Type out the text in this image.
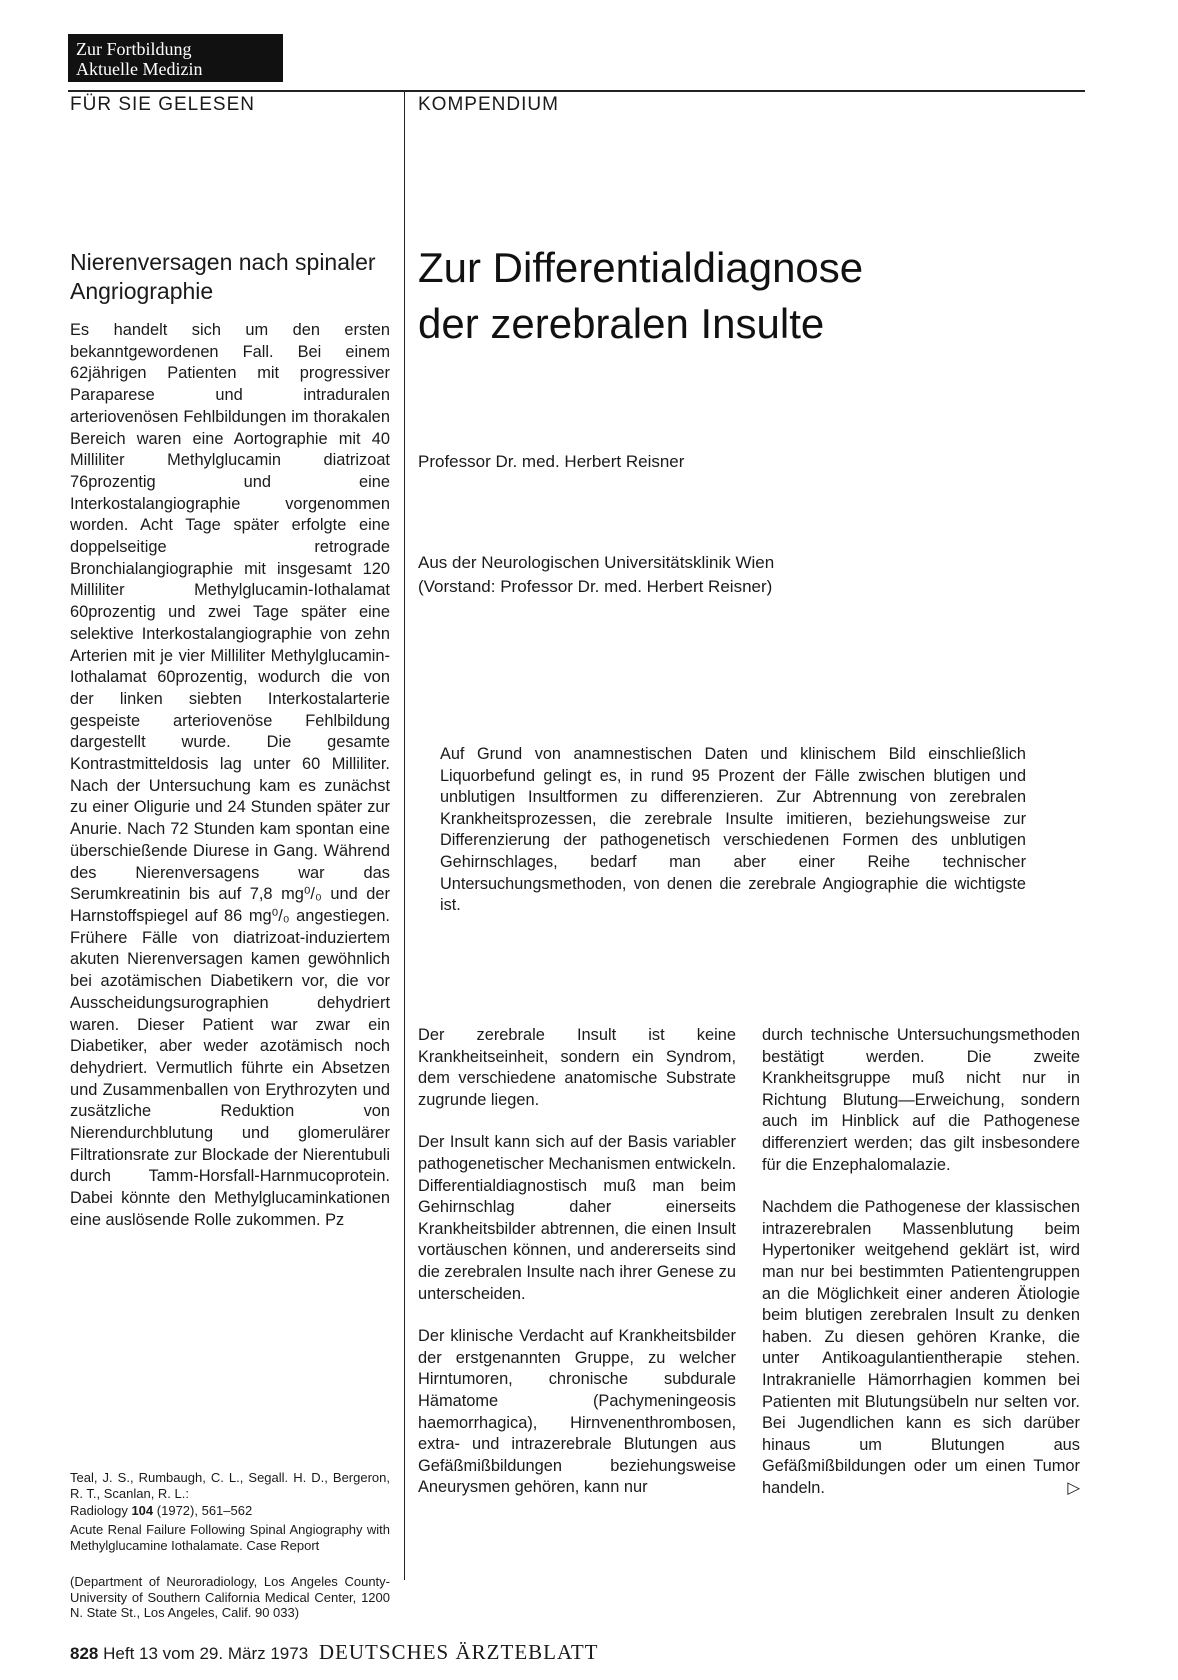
Zur Fortbildung
Aktuelle Medizin
FÜR SIE GELESEN	KOMPENDIUM
Nierenversagen nach spinaler Angriographie
Es handelt sich um den ersten bekanntgewordenen Fall. Bei einem 62jährigen Patienten mit progressiver Paraparese und intraduralen arteriovenösen Fehlbildungen im thorakalen Bereich waren eine Aortographie mit 40 Milliliter Methylglucamin diatrizoat 76prozentig und eine Interkostalangiographie vorgenommen worden. Acht Tage später erfolgte eine doppelseitige retrograde Bronchialangiographie mit insgesamt 120 Milliliter Methylglucamin-Iothalamat 60prozentig und zwei Tage später eine selektive Interkostalangiographie von zehn Arterien mit je vier Milliliter Methylglucamin-Iothalamat 60prozentig, wodurch die von der linken siebten Interkostalarterie gespeiste arteriovenöse Fehlbildung dargestellt wurde. Die gesamte Kontrastmitteldosis lag unter 60 Milliliter. Nach der Untersuchung kam es zunächst zu einer Oligurie und 24 Stunden später zur Anurie. Nach 72 Stunden kam spontan eine überschießende Diurese in Gang. Während des Nierenversagens war das Serumkreatinin bis auf 7,8 mg⁰/₀ und der Harnstoffspiegel auf 86 mg⁰/₀ angestiegen. Frühere Fälle von diatrizoat-induziertem akuten Nierenversagen kamen gewöhnlich bei azotämischen Diabetikern vor, die vor Ausscheidungsurographien dehydriert waren. Dieser Patient war zwar ein Diabetiker, aber weder azotämisch noch dehydriert. Vermutlich führte ein Absetzen und Zusammenballen von Erythrozyten und zusätzliche Reduktion von Nierendurchblutung und glomerulärer Filtrationsrate zur Blockade der Nierentubuli durch Tamm-Horsfall-Harnmucoprotein. Dabei könnte den Methylglucaminkationen eine auslösende Rolle zukommen. Pz
Teal, J. S., Rumbaugh, C. L., Segall. H. D., Bergeron, R. T., Scanlan, R. L.:
Radiology 104 (1972), 561–562
Acute Renal Failure Following Spinal Angiography with Methylglucamine Iothalamate. Case Report
(Department of Neuroradiology, Los Angeles County-University of Southern California Medical Center, 1200 N. State St., Los Angeles, Calif. 90 033)
Zur Differentialdiagnose
der zerebralen Insulte
Professor Dr. med. Herbert Reisner
Aus der Neurologischen Universitätsklinik Wien
(Vorstand: Professor Dr. med. Herbert Reisner)
Auf Grund von anamnestischen Daten und klinischem Bild einschließlich Liquorbefund gelingt es, in rund 95 Prozent der Fälle zwischen blutigen und unblutigen Insultformen zu differenzieren. Zur Abtrennung von zerebralen Krankheitsprozessen, die zerebrale Insulte imitieren, beziehungsweise zur Differenzierung der pathogenetisch verschiedenen Formen des unblutigen Gehirnschlages, bedarf man aber einer Reihe technischer Untersuchungsmethoden, von denen die zerebrale Angiographie die wichtigste ist.

Der zerebrale Insult ist keine Krankheitseinheit, sondern ein Syndrom, dem verschiedene anatomische Substrate zugrunde liegen.

Der Insult kann sich auf der Basis variabler pathogenetischer Mechanismen entwickeln. Differentialdiagnostisch muß man beim Gehirnschlag daher einerseits Krankheitsbilder abtrennen, die einen Insult vortäuschen können, und andererseits sind die zerebralen Insulte nach ihrer Genese zu unterscheiden.

Der klinische Verdacht auf Krankheitsbilder der erstgenannten Gruppe, zu welcher Hirntumoren, chronische subdurale Hämatome (Pachymeningeosis haemorrhagica), Hirnvenenthrombosen, extra- und intrazerebrale Blutungen aus Gefäßmißbildungen beziehungsweise Aneurysmen gehören, kann nur

durch technische Untersuchungsmethoden bestätigt werden. Die zweite Krankheitsgruppe muß nicht nur in Richtung Blutung—Erweichung, sondern auch im Hinblick auf die Pathogenese differenziert werden; das gilt insbesondere für die Enzephalomalazie.

Nachdem die Pathogenese der klassischen intrazerebralen Massenblutung beim Hypertoniker weitgehend geklärt ist, wird man nur bei bestimmten Patientengruppen an die Möglichkeit einer anderen Ätiologie beim blutigen zerebralen Insult zu denken haben. Zu diesen gehören Kranke, die unter Antikoagulantientherapie stehen. Intrakranielle Hämorrhagien kommen bei Patienten mit Blutungsübeln nur selten vor. Bei Jugendlichen kann es sich darüber hinaus um Blutungen aus Gefäßmißbildungen oder um einen Tumor handeln.	▷

828 Heft 13 vom 29. März 1973 DEUTSCHES ÄRZTEBLATT
